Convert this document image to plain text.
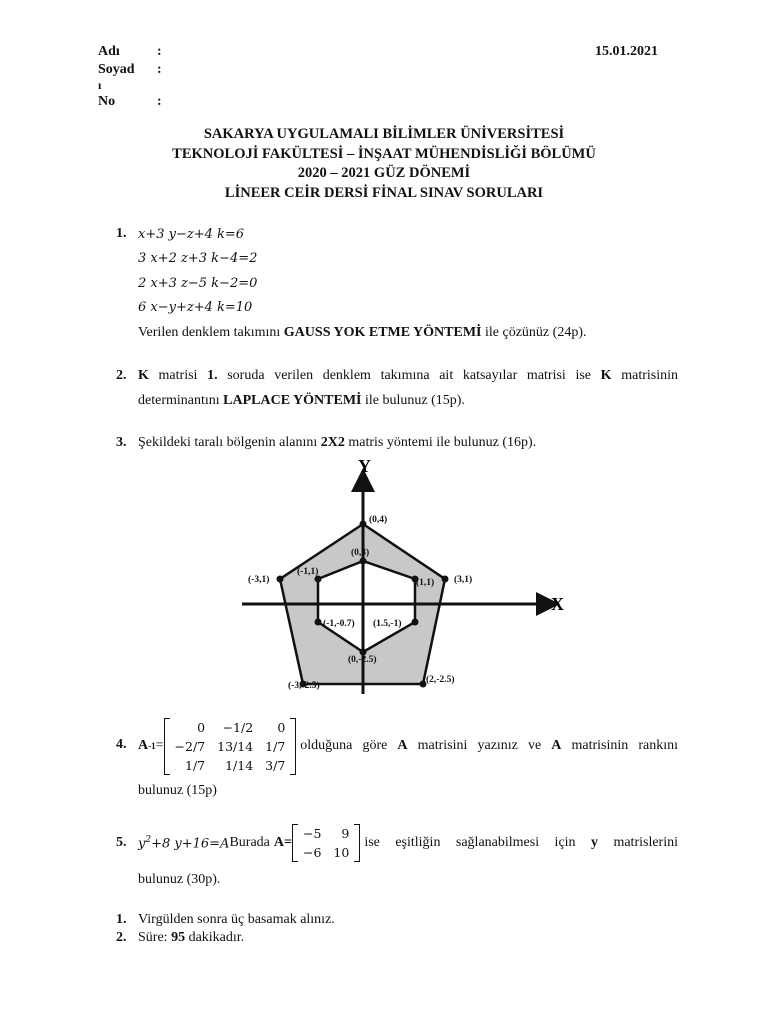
Adı	:
Soyad :
ı
No	:
15.01.2021
SAKARYA UYGULAMALI BİLİMLER ÜNİVERSİTESİ
TEKNOLOJİ FAKÜLTESİ – İNŞAAT MÜHENDİSLİĞİ BÖLÜMÜ
2020 – 2021 GÜZ DÖNEMİ
LİNEER CEİR DERSİ FİNAL SINAV SORULARI
1. x+3 y−z+4 k=6
3 x+2 z+3 k−4=2
2 x+3 z−5 k−2=0
6 x−y+z+4 k=10
Verilen denklem takımını GAUSS YOK ETME YÖNTEMİ ile çözünüz (24p).
2. K matrisi 1. soruda verilen denklem takımına ait katsayılar matrisi ise K matrisinin
determinantını LAPLACE YÖNTEMİ ile bulunuz (15p).
3. Şekildeki taralı bölgenin alanını 2X2 matris yöntemi ile bulunuz (16p).
X
Y
(0,4)
(0,3)
(-3,1)
(-1,1)
(1,1) (3,1)
(-1,-0.7) (1.5,-1)
(0,-2.5)
(-3,-2.5)
(2,-2.5)
4. A -1 =
0	−1/2	0
−2/7	13/14	1/7
1/7	1/14	3/7
olduğuna göre A matrisini yazınız ve A matrisinin rankını
bulunuz (15p)
5. $y^2+8$ y+16=A Burada A=
−5	9
−6	10
ise eşitliğin sağlanabilmesi için y matrislerini
bulunuz (30p).
1. Virgülden sonra üç basamak alınız.
2. Süre: 95 dakikadır.
